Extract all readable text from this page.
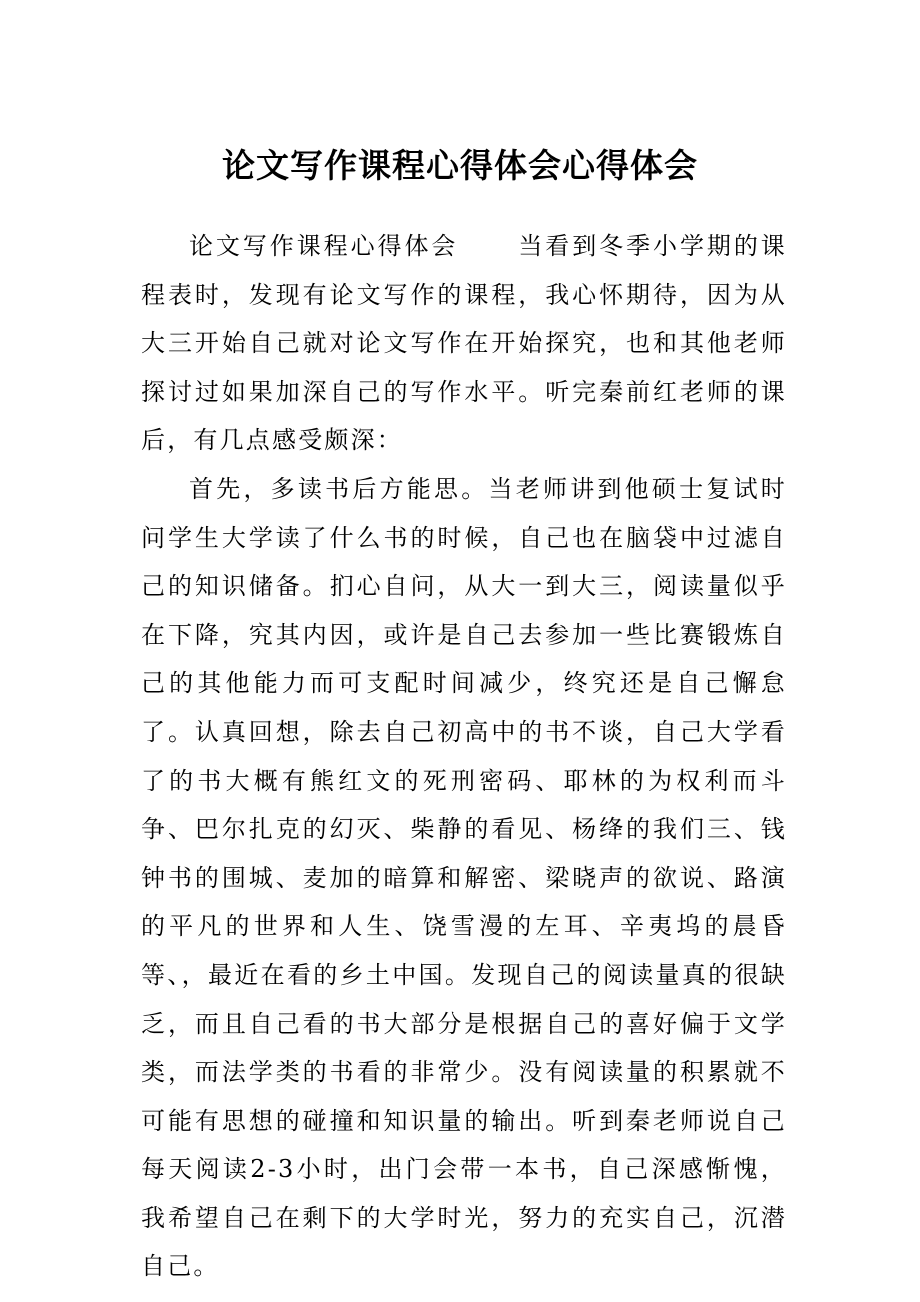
论文写作课程心得体会心得体会

论文写作课程心得体会	当看到冬季小学期的课程表时，发现有论文写作的课程，我心怀期待，因为从大三开始自己就对论文写作在开始探究，也和其他老师探讨过如果加深自己的写作水平。听完秦前红老师的课后，有几点感受颇深：

首先，多读书后方能思。当老师讲到他硕士复试时问学生大学读了什么书的时候，自己也在脑袋中过滤自己的知识储备。扪心自问，从大一到大三，阅读量似乎在下降，究其内因，或许是自己去参加一些比赛锻炼自己的其他能力而可支配时间减少，终究还是自己懈怠了。认真回想，除去自己初高中的书不谈，自己大学看了的书大概有熊红文的死刑密码、耶林的为权利而斗争、巴尔扎克的幻灭、柴静的看见、杨绛的我们三、钱钟书的围城、麦加的暗算和解密、梁晓声的欲说、路演的平凡的世界和人生、饶雪漫的左耳、辛夷坞的晨昏等、，最近在看的乡土中国。发现自己的阅读量真的很缺乏，而且自己看的书大部分是根据自己的喜好偏于文学类，而法学类的书看的非常少。没有阅读量的积累就不可能有思想的碰撞和知识量的输出。听到秦老师说自己每天阅读2-3小时，出门会带一本书，自己深感惭愧，我希望自己在剩下的大学时光，努力的充实自己，沉潜自己。
